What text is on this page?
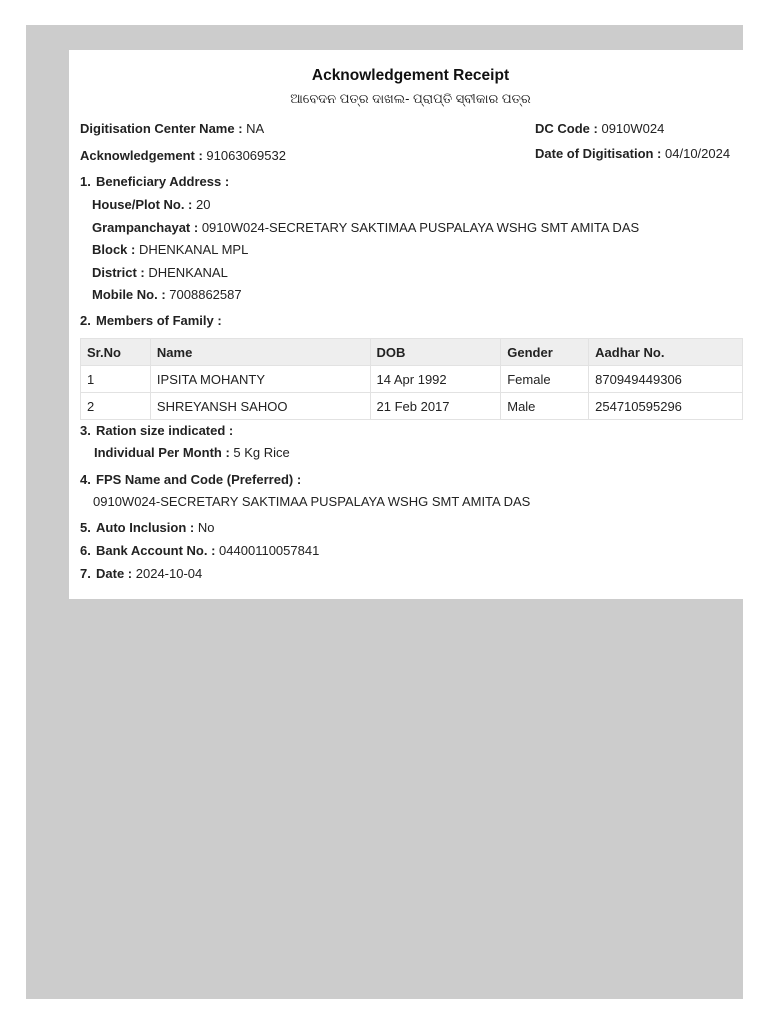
Acknowledgement Receipt
ଆବେଦନ ପତ୍ର ଦାଖଲ- ପ୍ରାପ୍ତି ସ୍ବୀକାର ପତ୍ର
Digitisation Center Name : NA	DC Code : 0910W024
Acknowledgement : 91063069532	Date of Digitisation : 04/10/2024
1. Beneficiary Address :
House/Plot No. : 20
Grampanchayat : 0910W024-SECRETARY SAKTIMAA PUSPALAYA WSHG SMT AMITA DAS
Block : DHENKANAL MPL
District : DHENKANAL
Mobile No. : 7008862587
2. Members of Family :
Sr.No	Name	DOB	Gender	Aadhar No.
1	IPSITA MOHANTY	14 Apr 1992	Female	870949449306
2	SHREYANSH SAHOO	21 Feb 2017	Male	254710595296
3. Ration size indicated :
Individual Per Month : 5 Kg Rice
4. FPS Name and Code (Preferred) :
0910W024-SECRETARY SAKTIMAA PUSPALAYA WSHG SMT AMITA DAS
5. Auto Inclusion : No
6. Bank Account No. : 04400110057841
7. Date : 2024-10-04
